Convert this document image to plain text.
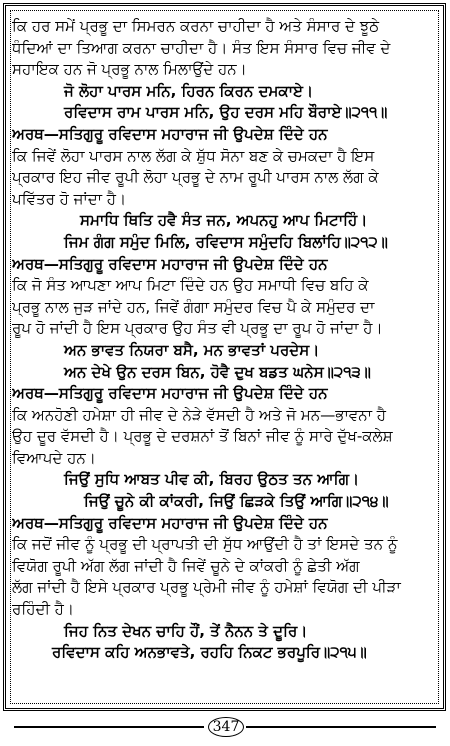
ਕਿ ਹਰ ਸਮੇਂ ਪ੍ਰਭੂ ਦਾ ਸਿਮਰਨ ਕਰਨਾ ਚਾਹੀਦਾ ਹੈ ਅਤੇ ਸੰਸਾਰ ਦੇ ਝੂਠੇ
ਧੰਦਿਆਂ ਦਾ ਤਿਆਗ ਕਰਨਾ ਚਾਹੀਦਾ ਹੈ। ਸੰਤ ਇਸ ਸੰਸਾਰ ਵਿਚ ਜੀਵ ਦੇ
ਸਹਾਇਕ ਹਨ ਜੋ ਪ੍ਰਭੂ ਨਾਲ ਮਿਲਾਉਂਦੇ ਹਨ।
ਜੋ ਲੋਹਾ ਪਾਰਸ ਮਨਿ, ਹਿਰਨ ਕਿਰਨ ਦਮਕਾਏ।
ਰਵਿਦਾਸ ਰਾਮ ਪਾਰਸ ਮਨਿ, ਉਹ ਦਰਸ ਮਹਿ ਬੌਰਾਏ॥੨੧੧॥
ਅਰਥ—ਸਤਿਗੁਰੂ ਰਵਿਦਾਸ ਮਹਾਰਾਜ ਜੀ ਉਪਦੇਸ਼ ਦਿੰਦੇ ਹਨ
ਕਿ ਜਿਵੇਂ ਲੋਹਾ ਪਾਰਸ ਨਾਲ ਲੱਗ ਕੇ ਸ਼ੁੱਧ ਸੋਨਾ ਬਣ ਕੇ ਚਮਕਦਾ ਹੈ ਇਸ
ਪ੍ਰਕਾਰ ਇਹ ਜੀਵ ਰੂਪੀ ਲੋਹਾ ਪ੍ਰਭੂ ਦੇ ਨਾਮ ਰੂਪੀ ਪਾਰਸ ਨਾਲ ਲੱਗ ਕੇ
ਪਵਿੱਤਰ ਹੋ ਜਾਂਦਾ ਹੈ।
ਸਮਾਧਿ ਥਿਤਿ ਹਵੈ ਸੰਤ ਜਨ, ਅਪਨਹੁ ਆਪ ਮਿਟਾਹਿੰ।
ਜਿਮ ਗੰਗ ਸਮੁੰਦ ਮਿਲਿ, ਰਵਿਦਾਸ ਸਮੁੰਦਹਿ ਬਿਲਾਂਹਿ॥੨੧੨॥
ਅਰਥ—ਸਤਿਗੁਰੂ ਰਵਿਦਾਸ ਮਹਾਰਾਜ ਜੀ ਉਪਦੇਸ਼ ਦਿੰਦੇ ਹਨ
ਕਿ ਜੋ ਸੰਤ ਆਪਣਾ ਆਪ ਮਿਟਾ ਦਿੰਦੇ ਹਨ ਉਹ ਸਮਾਧੀ ਵਿਚ ਬਹਿ ਕੇ
ਪ੍ਰਭੂ ਨਾਲ ਜੁੜ ਜਾਂਦੇ ਹਨ, ਜਿਵੇਂ ਗੰਗਾ ਸਮੁੰਦਰ ਵਿਚ ਪੈ ਕੇ ਸਮੁੰਦਰ ਦਾ
ਰੂਪ ਹੋ ਜਾਂਦੀ ਹੈ ਇਸ ਪ੍ਰਕਾਰ ਉਹ ਸੰਤ ਵੀ ਪ੍ਰਭੂ ਦਾ ਰੂਪ ਹੋ ਜਾਂਦਾ ਹੈ।
ਅਨ ਭਾਵਤ ਨਿਯਰਾ ਬਸੈ, ਮਨ ਭਾਵਤਾਂ ਪਰਦੇਸ।
ਅਨ ਦੇਖੇ ਉਨ ਦਰਸ ਬਿਨ, ਹੋਵੈ ਦੁਖ ਬਡਤ ਘਨੇਸ॥੨੧੩॥
ਅਰਥ—ਸਤਿਗੁਰੂ ਰਵਿਦਾਸ ਮਹਾਰਾਜ ਜੀ ਉਪਦੇਸ਼ ਦਿੰਦੇ ਹਨ
ਕਿ ਅਨਹੋਣੀ ਹਮੇਸ਼ਾ ਹੀ ਜੀਵ ਦੇ ਨੇੜੇ ਵੱਸਦੀ ਹੈ ਅਤੇ ਜੋ ਮਨ—ਭਾਵਨਾ ਹੈ
ਉਹ ਦੂਰ ਵੱਸਦੀ ਹੈ। ਪ੍ਰਭੂ ਦੇ ਦਰਸ਼ਨਾਂ ਤੋਂ ਬਿਨਾਂ ਜੀਵ ਨੂੰ ਸਾਰੇ ਦੁੱਖ-ਕਲੇਸ਼
ਵਿਆਪਦੇ ਹਨ।
ਜਿਉਂ ਸੁਧਿ ਆਬਤ ਪੀਵ ਕੀ, ਬਿਰਹ ਉਠਤ ਤਨ ਆਗਿ।
ਜਿਉਂ ਚੂਨੇ ਕੀ ਕਾਂਕਰੀ, ਜਿਉਂ ਛਿੜਕੇ ਤਿਉਂ ਆਗਿ॥੨੧੪॥
ਅਰਥ—ਸਤਿਗੁਰੂ ਰਵਿਦਾਸ ਮਹਾਰਾਜ ਜੀ ਉਪਦੇਸ਼ ਦਿੰਦੇ ਹਨ
ਕਿ ਜਦੋਂ ਜੀਵ ਨੂੰ ਪ੍ਰਭੂ ਦੀ ਪ੍ਰਾਪਤੀ ਦੀ ਸੁੱਧ ਆਉਂਦੀ ਹੈ ਤਾਂ ਇਸਦੇ ਤਨ ਨੂੰ
ਵਿਯੋਗ ਰੂਪੀ ਅੱਗ ਲੱਗ ਜਾਂਦੀ ਹੈ ਜਿਵੇਂ ਚੂਨੇ ਦੇ ਕਾਂਕਰੀ ਨੂੰ ਛੇਤੀ ਅੱਗ
ਲੱਗ ਜਾਂਦੀ ਹੈ ਇਸੇ ਪ੍ਰਕਾਰ ਪ੍ਰਭੂ ਪ੍ਰੇਮੀ ਜੀਵ ਨੂੰ ਹਮੇਸ਼ਾਂ ਵਿਯੋਗ ਦੀ ਪੀੜਾ
ਰਹਿੰਦੀ ਹੈ।
ਜਿਹ ਨਿਤ ਦੇਖਨ ਚਾਹਿ ਹੌਂ, ਤੇਂ ਨੈਨਨ ਤੇ ਦੂਰਿ।
ਰਵਿਦਾਸ ਕਹਿ ਅਨਭਾਵਤੇ, ਰਹਹਿ ਨਿਕਟ ਭਰਪੂਰਿ॥੨੧੫॥
347
